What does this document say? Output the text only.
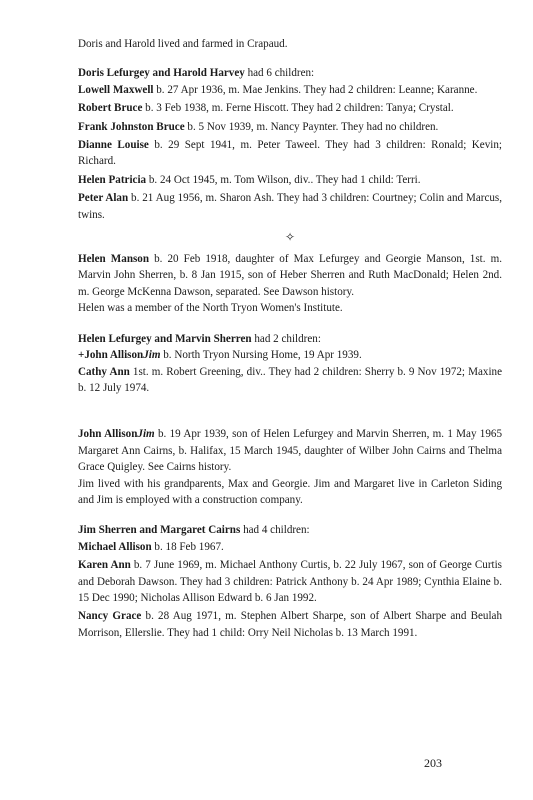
Doris and Harold lived and farmed in Crapaud.

Doris Lefurgey and Harold Harvey had 6 children:

Lowell Maxwell b. 27 Apr 1936, m. Mae Jenkins. They had 2 children: Leanne; Karanne.

Robert Bruce b. 3 Feb 1938, m. Ferne Hiscott. They had 2 children: Tanya; Crystal.

Frank Johnston Bruce b. 5 Nov 1939, m. Nancy Paynter. They had no children.

Dianne Louise b. 29 Sept 1941, m. Peter Taweel. They had 3 children: Ronald; Kevin; Richard.

Helen Patricia b. 24 Oct 1945, m. Tom Wilson, div.. They had 1 child: Terri.

Peter Alan b. 21 Aug 1956, m. Sharon Ash. They had 3 children: Courtney; Colin and Marcus, twins.

✧

Helen Manson b. 20 Feb 1918, daughter of Max Lefurgey and Georgie Manson, 1st. m. Marvin John Sherren, b. 8 Jan 1915, son of Heber Sherren and Ruth MacDonald; Helen 2nd. m. George McKenna Dawson, separated. See Dawson history.

Helen was a member of the North Tryon Women's Institute.

Helen Lefurgey and Marvin Sherren had 2 children:

+John AllisonJim b. North Tryon Nursing Home, 19 Apr 1939.

Cathy Ann 1st. m. Robert Greening, div.. They had 2 children: Sherry b. 9 Nov 1972; Maxine b. 12 July 1974.

John AllisonJim b. 19 Apr 1939, son of Helen Lefurgey and Marvin Sherren, m. 1 May 1965 Margaret Ann Cairns, b. Halifax, 15 March 1945, daughter of Wilber John Cairns and Thelma Grace Quigley. See Cairns history.

Jim lived with his grandparents, Max and Georgie. Jim and Margaret live in Carleton Siding and Jim is employed with a construction company.

Jim Sherren and Margaret Cairns had 4 children:

Michael Allison b. 18 Feb 1967.

Karen Ann b. 7 June 1969, m. Michael Anthony Curtis, b. 22 July 1967, son of George Curtis and Deborah Dawson. They had 3 children: Patrick Anthony b. 24 Apr 1989; Cynthia Elaine b. 15 Dec 1990; Nicholas Allison Edward b. 6 Jan 1992.

Nancy Grace b. 28 Aug 1971, m. Stephen Albert Sharpe, son of Albert Sharpe and Beulah Morrison, Ellerslie. They had 1 child: Orry Neil Nicholas b. 13 March 1991.

203
